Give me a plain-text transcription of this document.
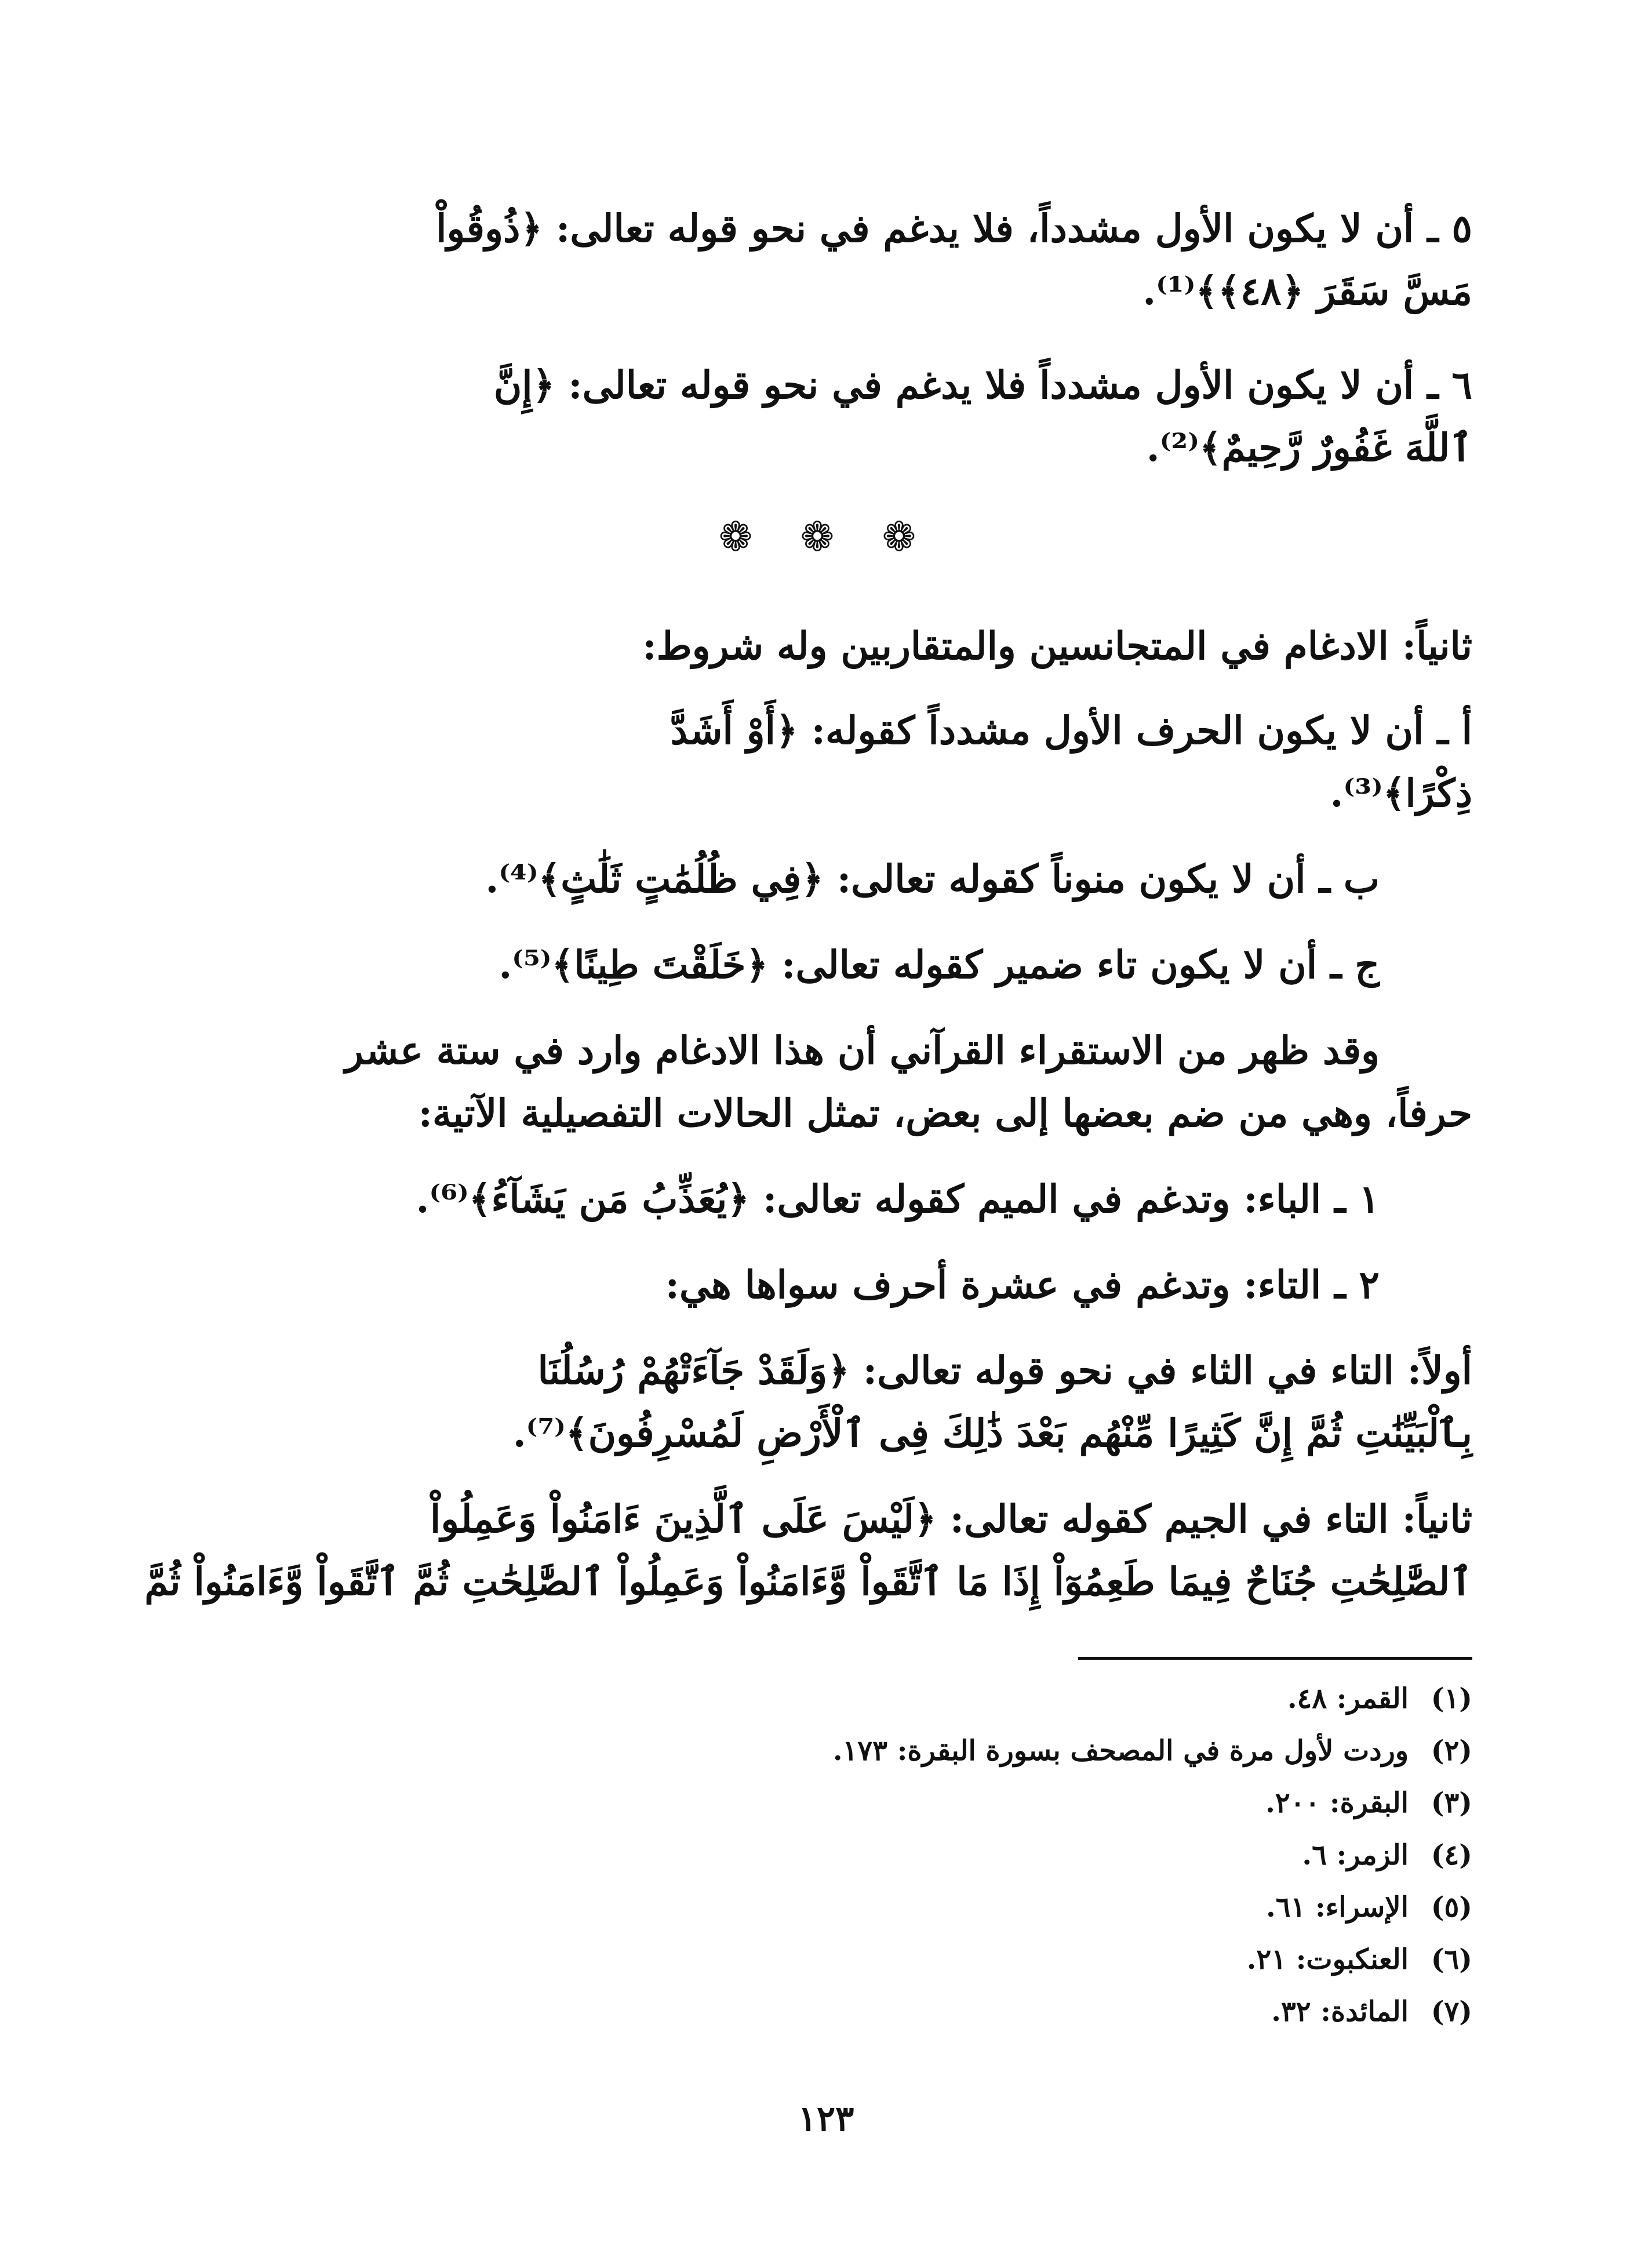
٥ ـ أن لا يكون الأول مشدداً، فلا يدغم في نحو قوله تعالى: ﴿ذُوقُواْ
مَسَّ سَقَرَ ﴿٤٨﴾﴾⁽¹⁾.
٦ ـ أن لا يكون الأول مشدداً فلا يدغم في نحو قوله تعالى: ﴿إِنَّ
ٱللَّهَ غَفُورٌ رَّحِيمٌ﴾⁽²⁾.
❁ ❁ ❁
ثانياً: الادغام في المتجانسين والمتقاربين وله شروط:
أ ـ أن لا يكون الحرف الأول مشدداً كقوله: ﴿أَوْ أَشَدَّ
ذِكْرًا﴾⁽³⁾.
ب ـ أن لا يكون منوناً كقوله تعالى: ﴿فِي ظُلُمَٰتٍ ثَلَٰثٍ﴾⁽⁴⁾.
ج ـ أن لا يكون تاء ضمير كقوله تعالى: ﴿خَلَقْتَ طِينًا﴾⁽⁵⁾.
وقد ظهر من الاستقراء القرآني أن هذا الادغام وارد في ستة عشر
حرفاً، وهي من ضم بعضها إلى بعض، تمثل الحالات التفصيلية الآتية:
١ ـ الباء: وتدغم في الميم كقوله تعالى: ﴿يُعَذِّبُ مَن يَشَآءُ﴾⁽⁶⁾.
٢ ـ التاء: وتدغم في عشرة أحرف سواها هي:
أولاً: التاء في الثاء في نحو قوله تعالى: ﴿وَلَقَدْ جَآءَتْهُمْ رُسُلُنَا
بِٱلْبَيِّنَٰتِ ثُمَّ إِنَّ كَثِيرًا مِّنْهُم بَعْدَ ذَٰلِكَ فِى ٱلْأَرْضِ لَمُسْرِفُونَ﴾⁽⁷⁾.
ثانياً: التاء في الجيم كقوله تعالى: ﴿لَيْسَ عَلَى ٱلَّذِينَ ءَامَنُواْ وَعَمِلُواْ
ٱلصَّٰلِحَٰتِ جُنَاحٌ فِيمَا طَعِمُوٓاْ إِذَا مَا ٱتَّقَواْ وَّءَامَنُواْ وَعَمِلُواْ ٱلصَّٰلِحَٰتِ ثُمَّ ٱتَّقَواْ وَّءَامَنُواْ ثُمَّ
(١)القمر: ٤٨.
(٢)وردت لأول مرة في المصحف بسورة البقرة: ١٧٣.
(٣)البقرة: ٢٠٠.
(٤)الزمر: ٦.
(٥)الإسراء: ٦١.
(٦)العنكبوت: ٢١.
(٧)المائدة: ٣٢.
١٢٣
